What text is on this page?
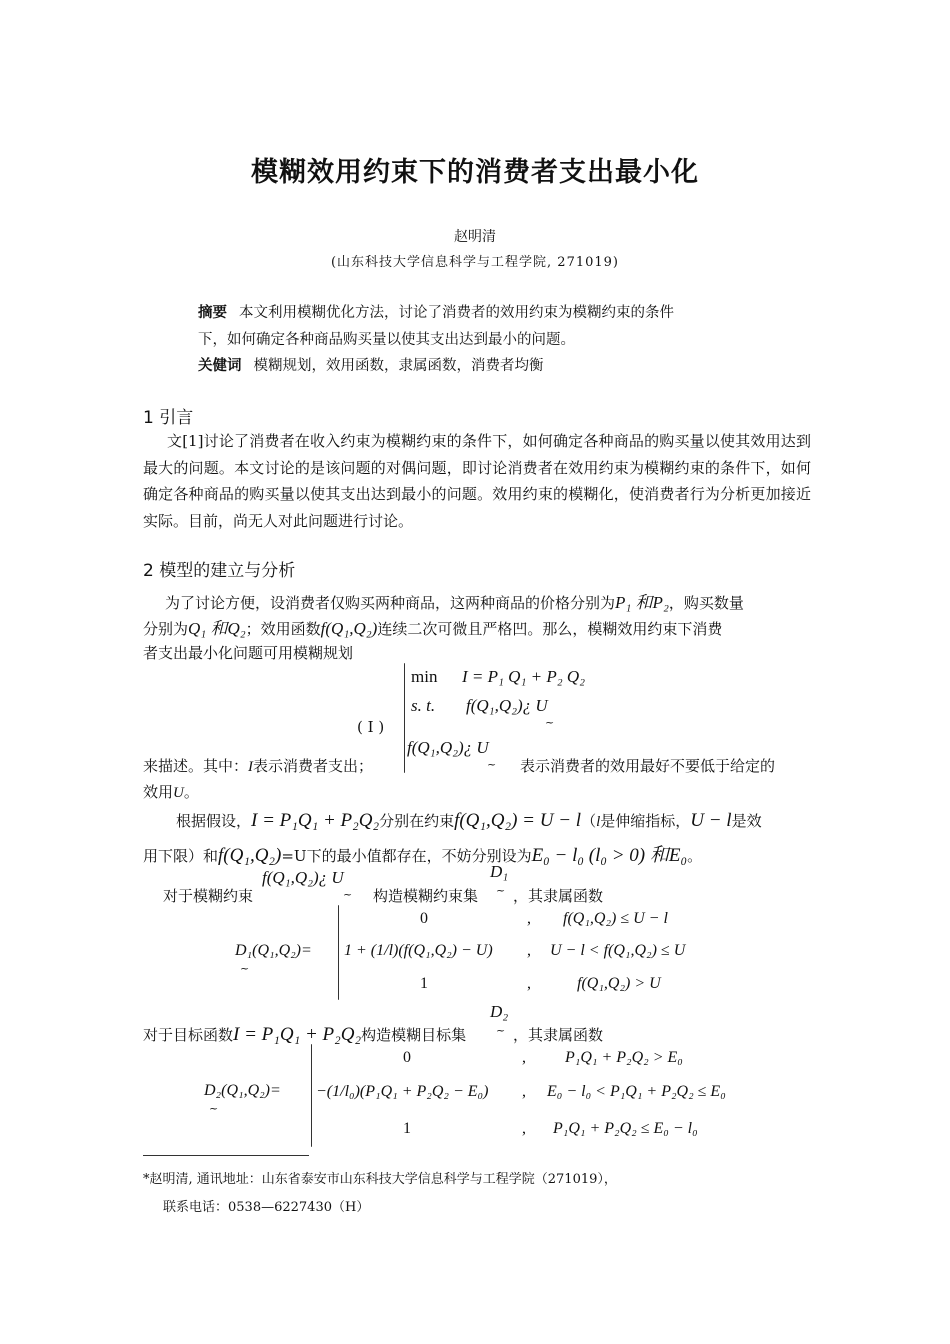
模糊效用约束下的消费者支出最小化
赵明清
(山东科技大学信息科学与工程学院, 271019)
摘要 本文利用模糊优化方法，讨论了消费者的效用约束为模糊约束的条件
下，如何确定各种商品购买量以使其支出达到最小的问题。
关健词 模糊规划，效用函数，隶属函数，消费者均衡
1 引言
文[1]讨论了消费者在收入约束为模糊约束的条件下，如何确定各种商品的购买量以使其效用达到最大的问题。本文讨论的是该问题的对偶问题，即讨论消费者在效用约束为模糊约束的条件下，如何确定各种商品的购买量以使其支出达到最小的问题。效用约束的模糊化，使消费者行为分析更加接近实际。目前，尚无人对此问题进行讨论。
2 模型的建立与分析
为了讨论方便，设消费者仅购买两种商品，这两种商品的价格分别为P₁ 和P₂，购买数量
分别为Q₁ 和Q₂；效用函数f(Q₁,Q₂)连续二次可微且严格凹。那么，模糊效用约束下消费
者支出最小化问题可用模糊规划
min I = P₁ Q₁ + P₂ Q₂
s. t. f(Q₁,Q₂)¿ U
~
( I )
f(Q₁,Q₂)¿ U
~
来描述。其中：I表示消费者支出；	表示消费者的效用最好不要低于给定的
效用U。
根据假设，I = P₁Q₁ + P₂Q₂分别在约束f(Q₁,Q₂) = U − l（l是伸缩指标，U − l是效
用下限）和f(Q₁,Q₂)=U下的最小值都存在，不妨分别设为E₀ − l₀ (l₀ > 0) 和E₀。
f(Q₁,Q₂)¿ U
~
D₁
~
对于模糊约束	构造模糊约束集 ，其隶属函数
D₁(Q₁,Q₂)=
~
0	, f(Q₁,Q₂) ≤ U − l
1 + (1/l)(f(Q₁,Q₂) − U) , U − l < f(Q₁,Q₂) ≤ U
1	,	f(Q₁,Q₂) > U
D₂
~
对于目标函数I = P₁Q₁ + P₂Q₂构造模糊目标集	，其隶属函数
D₂(Q₁,Q₂)=
~
0	, P₁Q₁ + P₂Q₂ > E₀
−(1/l₀)(P₁Q₁ + P₂Q₂ − E₀) , E₀ − l₀ < P₁Q₁ + P₂Q₂ ≤ E₀
1	, P₁Q₁ + P₂Q₂ ≤ E₀ − l₀
*赵明清, 通讯地址：山东省泰安市山东科技大学信息科学与工程学院（271019），
联系电话：0538—6227430（H）
